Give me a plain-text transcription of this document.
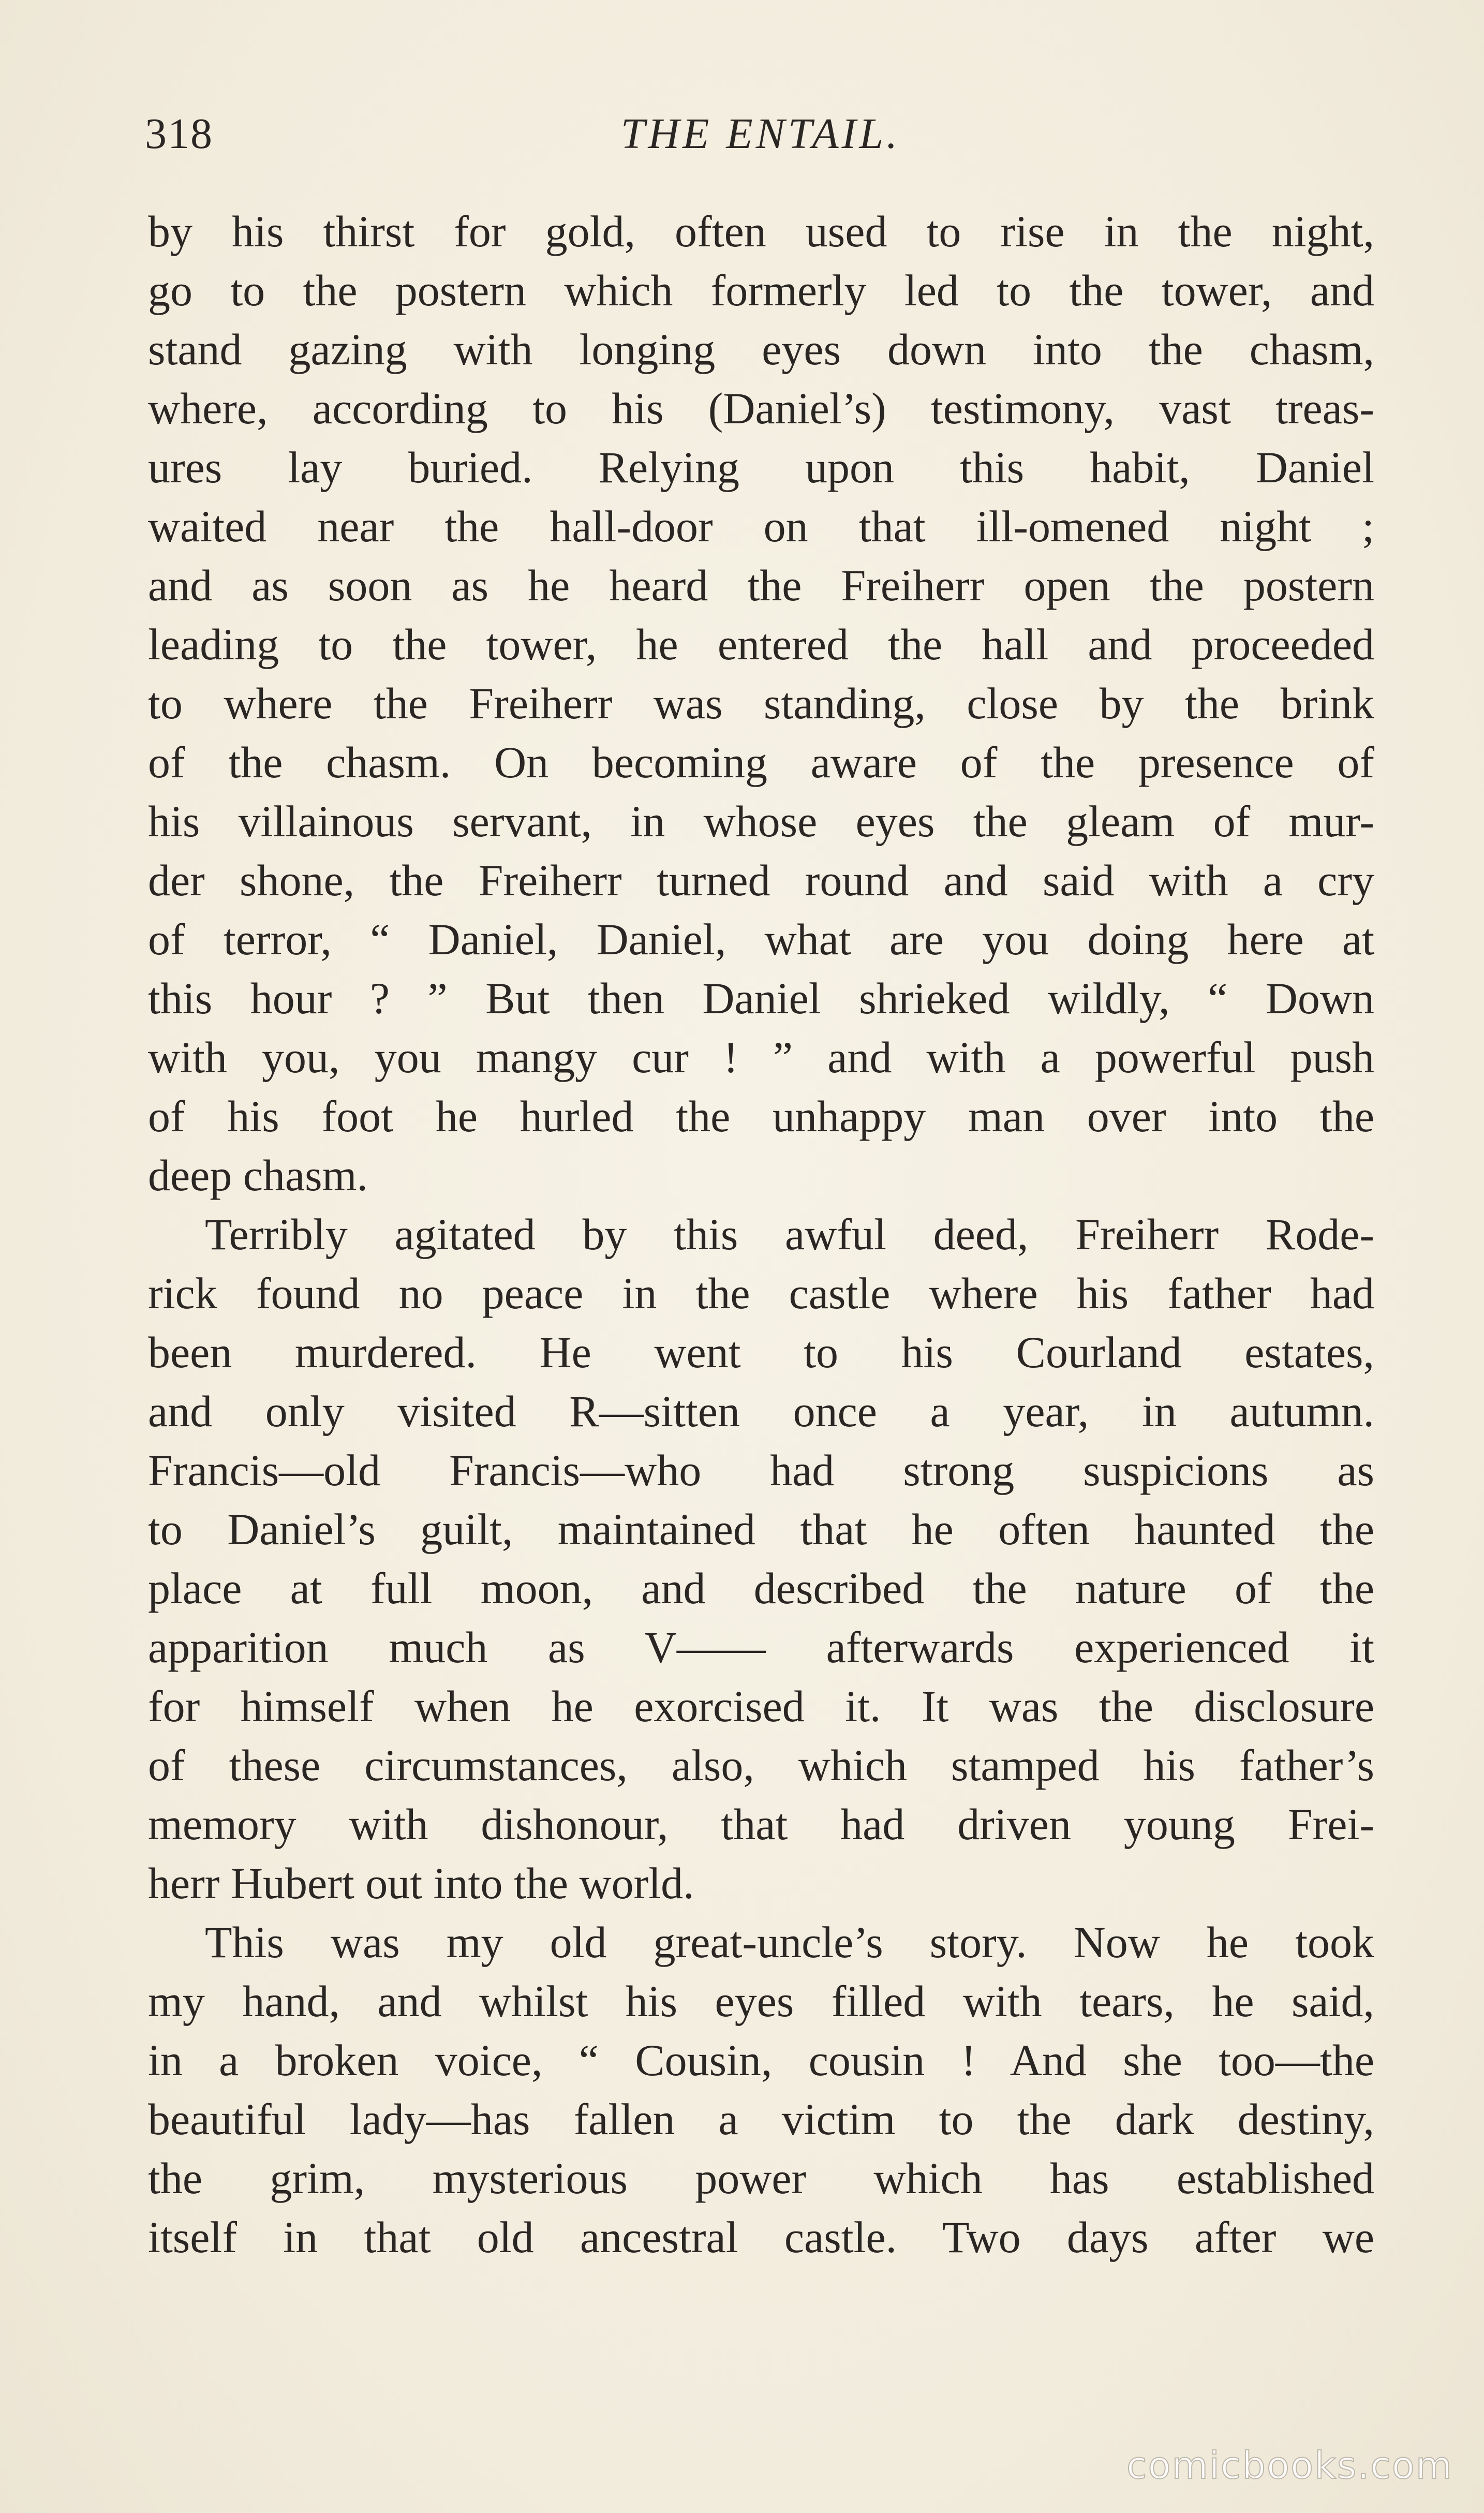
318	THE ENTAIL.
by his thirst for gold, often used to rise in the night,
go to the postern which formerly led to the tower, and
stand gazing with longing eyes down into the chasm,
where, according to his (Daniel’s) testimony, vast treas-
ures lay buried. Relying upon this habit, Daniel
waited near the hall-door on that ill-omened night ;
and as soon as he heard the Freiherr open the postern
leading to the tower, he entered the hall and proceeded
to where the Freiherr was standing, close by the brink
of the chasm. On becoming aware of the presence of
his villainous servant, in whose eyes the gleam of mur-
der shone, the Freiherr turned round and said with a cry
of terror, “ Daniel, Daniel, what are you doing here at
this hour ? ” But then Daniel shrieked wildly, “ Down
with you, you mangy cur ! ” and with a powerful push
of his foot he hurled the unhappy man over into the
deep chasm.
Terribly agitated by this awful deed, Freiherr Rode-
rick found no peace in the castle where his father had
been murdered. He went to his Courland estates,
and only visited R—sitten once a year, in autumn.
Francis—old Francis—who had strong suspicions as
to Daniel’s guilt, maintained that he often haunted the
place at full moon, and described the nature of the
apparition much as V—— afterwards experienced it
for himself when he exorcised it. It was the disclosure
of these circumstances, also, which stamped his father’s
memory with dishonour, that had driven young Frei-
herr Hubert out into the world.
This was my old great-uncle’s story. Now he took
my hand, and whilst his eyes filled with tears, he said,
in a broken voice, “ Cousin, cousin ! And she too—the
beautiful lady—has fallen a victim to the dark destiny,
the grim, mysterious power which has established
itself in that old ancestral castle. Two days after we
comicbooks.com
